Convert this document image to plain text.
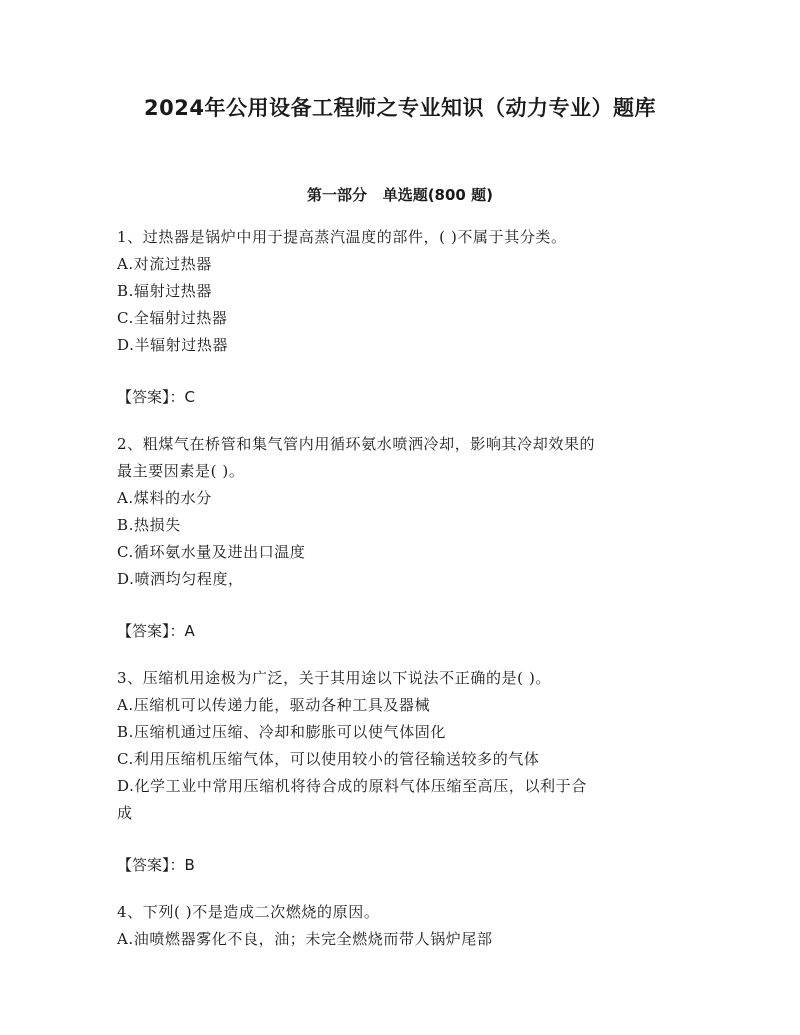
2024年公用设备工程师之专业知识（动力专业）题库
第一部分   单选题(800 题)

1、过热器是锅炉中用于提高蒸汽温度的部件，( )不属于其分类。

A.对流过热器

B.辐射过热器

C.全辐射过热器

D.半辐射过热器

【答案】：C

2、粗煤气在桥管和集气管内用循环氨水喷洒冷却，影响其冷却效果的

最主要因素是( )。

A.煤料的水分

B.热损失

C.循环氨水量及进出口温度

D.喷洒均匀程度，

【答案】：A

3、压缩机用途极为广泛，关于其用途以下说法不正确的是( )。

A.压缩机可以传递力能，驱动各种工具及器械

B.压缩机通过压缩、冷却和膨胀可以使气体固化

C.利用压缩机压缩气体，可以使用较小的管径输送较多的气体

D.化学工业中常用压缩机将待合成的原料气体压缩至高压，以利于合

成

【答案】：B

4、下列( )不是造成二次燃烧的原因。

A.油喷燃器雾化不良，油；未完全燃烧而带人锅炉尾部
